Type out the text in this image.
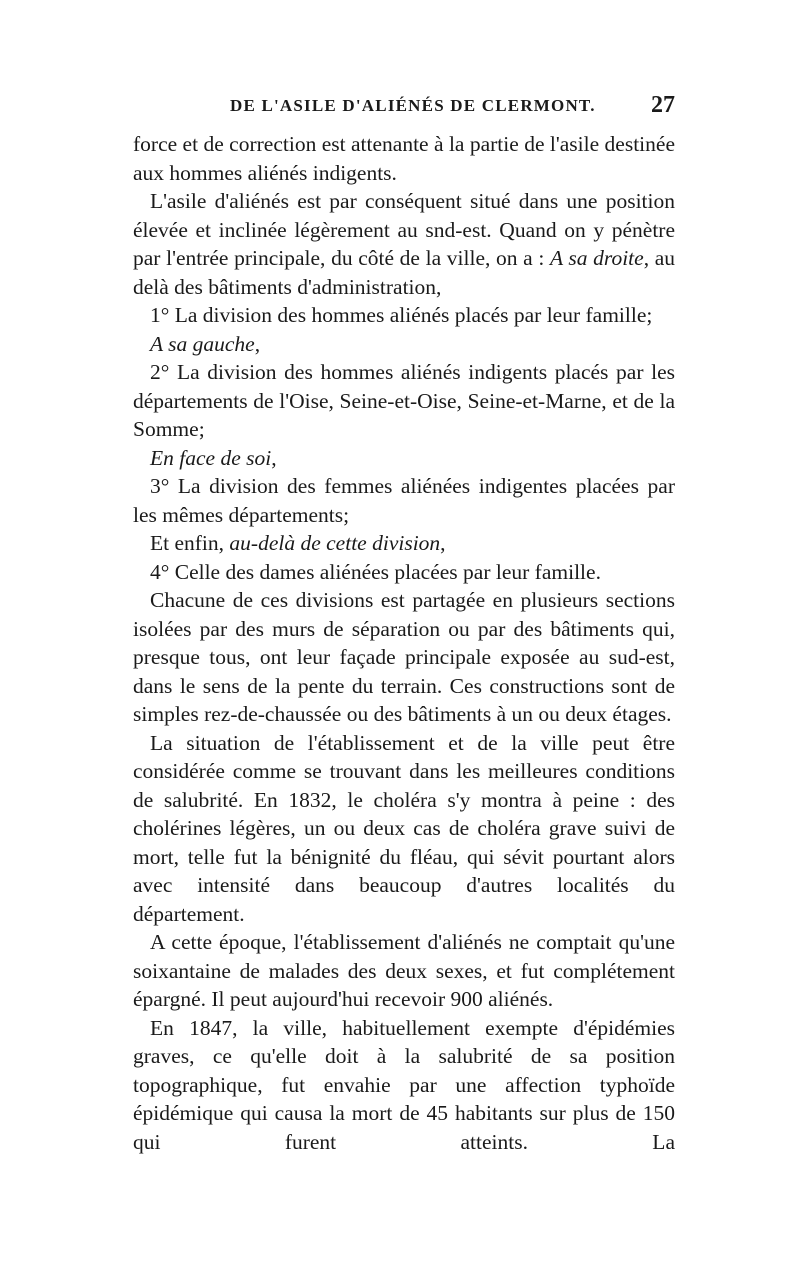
DE L'ASILE D'ALIÉNÉS DE CLERMONT. 27

force et de correction est attenante à la partie de l'asile destinée aux hommes aliénés indigents.

L'asile d'aliénés est par conséquent situé dans une position élevée et inclinée légèrement au snd-est. Quand on y pénètre par l'entrée principale, du côté de la ville, on a : A sa droite, au delà des bâtiments d'administration,

1° La division des hommes aliénés placés par leur famille;

A sa gauche,

2° La division des hommes aliénés indigents placés par les départements de l'Oise, Seine-et-Oise, Seine-et-Marne, et de la Somme;

En face de soi,

3° La division des femmes aliénées indigentes placées par les mêmes départements;

Et enfin, au-delà de cette division,

4° Celle des dames aliénées placées par leur famille.

Chacune de ces divisions est partagée en plusieurs sections isolées par des murs de séparation ou par des bâtiments qui, presque tous, ont leur façade principale exposée au sud-est, dans le sens de la pente du terrain. Ces constructions sont de simples rez-de-chaussée ou des bâtiments à un ou deux étages.

La situation de l'établissement et de la ville peut être considérée comme se trouvant dans les meilleures conditions de salubrité. En 1832, le choléra s'y montra à peine : des cholérines légères, un ou deux cas de choléra grave suivi de mort, telle fut la bénignité du fléau, qui sévit pourtant alors avec intensité dans beaucoup d'autres localités du département.

A cette époque, l'établissement d'aliénés ne comptait qu'une soixantaine de malades des deux sexes, et fut complétement épargné. Il peut aujourd'hui recevoir 900 aliénés.

En 1847, la ville, habituellement exempte d'épidémies graves, ce qu'elle doit à la salubrité de sa position topographique, fut envahie par une affection typhoïde épidémique qui causa la mort de 45 habitants sur plus de 150 qui furent atteints. La
